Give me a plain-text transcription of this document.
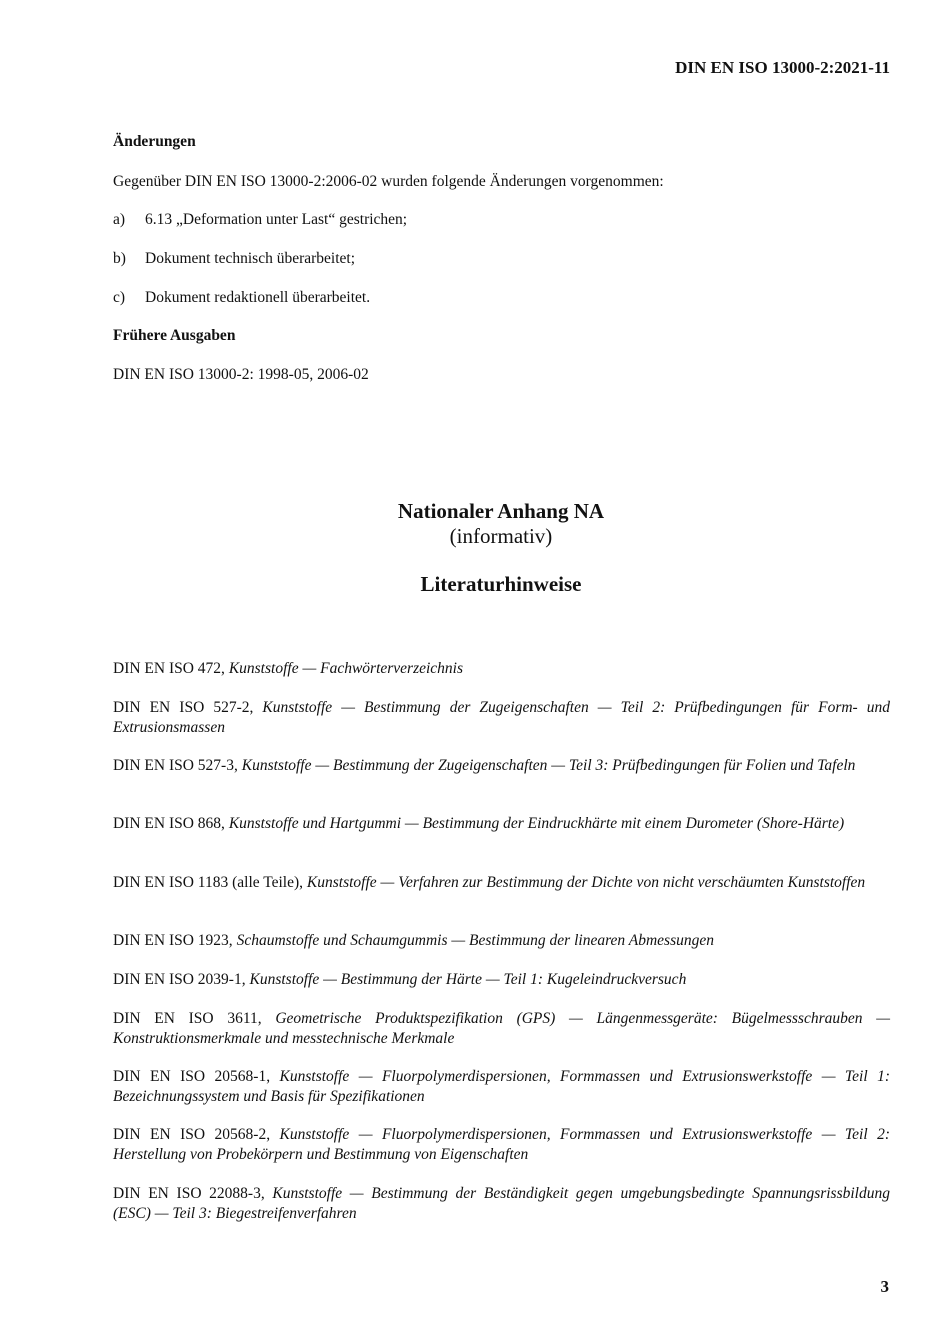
DIN EN ISO 13000-2:2021-11
Änderungen
Gegenüber DIN EN ISO 13000-2:2006-02 wurden folgende Änderungen vorgenommen:
a) 6.13 „Deformation unter Last“ gestrichen;
b) Dokument technisch überarbeitet;
c) Dokument redaktionell überarbeitet.
Frühere Ausgaben
DIN EN ISO 13000-2: 1998-05, 2006-02
Nationaler Anhang NA
(informativ)
Literaturhinweise
DIN EN ISO 472, Kunststoffe — Fachwörterverzeichnis
DIN EN ISO 527-2, Kunststoffe — Bestimmung der Zugeigenschaften — Teil 2: Prüfbedingungen für Form- und Extrusionsmassen
DIN EN ISO 527-3, Kunststoffe — Bestimmung der Zugeigenschaften — Teil 3: Prüfbedingungen für Folien und Tafeln
DIN EN ISO 868, Kunststoffe und Hartgummi — Bestimmung der Eindruckhärte mit einem Durometer (Shore-Härte)
DIN EN ISO 1183 (alle Teile), Kunststoffe — Verfahren zur Bestimmung der Dichte von nicht verschäumten Kunststoffen
DIN EN ISO 1923, Schaumstoffe und Schaumgummis — Bestimmung der linearen Abmessungen
DIN EN ISO 2039-1, Kunststoffe — Bestimmung der Härte — Teil 1: Kugeleindruckversuch
DIN EN ISO 3611, Geometrische Produktspezifikation (GPS) — Längenmessgeräte: Bügelmessschrauben — Konstruktionsmerkmale und messtechnische Merkmale
DIN EN ISO 20568-1, Kunststoffe — Fluorpolymerdispersionen, Formmassen und Extrusionswerkstoffe — Teil 1: Bezeichnungssystem und Basis für Spezifikationen
DIN EN ISO 20568-2, Kunststoffe — Fluorpolymerdispersionen, Formmassen und Extrusionswerkstoffe — Teil 2: Herstellung von Probekörpern und Bestimmung von Eigenschaften
DIN EN ISO 22088-3, Kunststoffe — Bestimmung der Beständigkeit gegen umgebungsbedingte Spannungsrissbildung (ESC) — Teil 3: Biegestreifenverfahren
3
